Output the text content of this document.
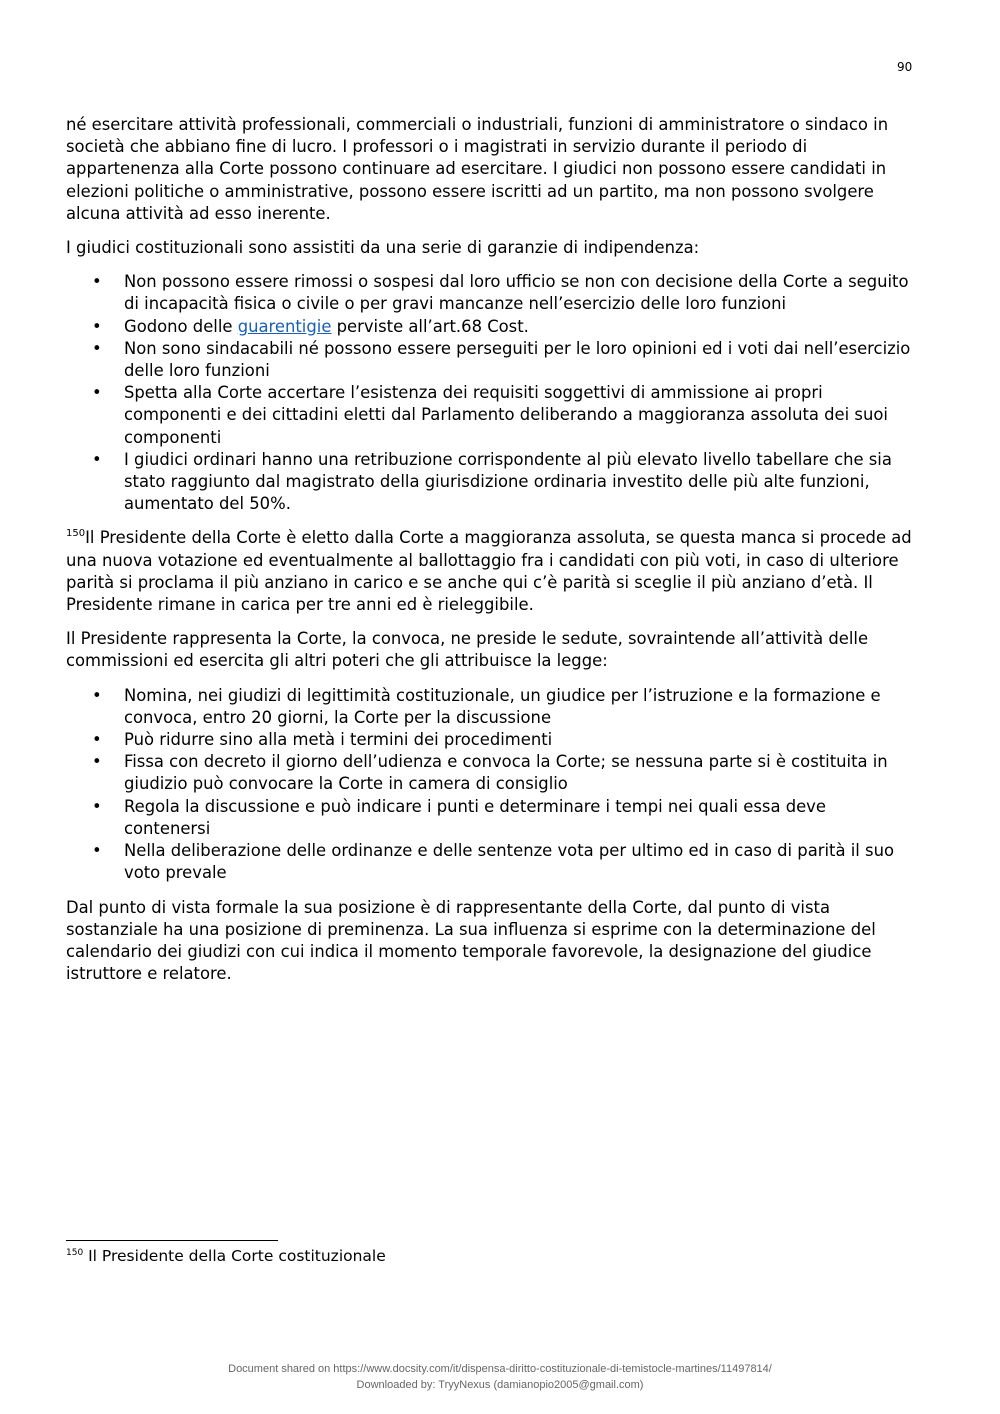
90

né esercitare attività professionali, commerciali o industriali, funzioni di amministratore o sindaco in società che abbiano fine di lucro. I professori o i magistrati in servizio durante il periodo di appartenenza alla Corte possono continuare ad esercitare. I giudici non possono essere candidati in elezioni politiche o amministrative, possono essere iscritti ad un partito, ma non possono svolgere alcuna attività ad esso inerente.

I giudici costituzionali sono assistiti da una serie di garanzie di indipendenza:

• Non possono essere rimossi o sospesi dal loro ufficio se non con decisione della Corte a seguito di incapacità fisica o civile o per gravi mancanze nell’esercizio delle loro funzioni
• Godono delle guarentigie perviste all’art.68 Cost.
• Non sono sindacabili né possono essere perseguiti per le loro opinioni ed i voti dai nell’esercizio delle loro funzioni
• Spetta alla Corte accertare l’esistenza dei requisiti soggettivi di ammissione ai propri componenti e dei cittadini eletti dal Parlamento deliberando a maggioranza assoluta dei suoi componenti
• I giudici ordinari hanno una retribuzione corrispondente al più elevato livello tabellare che sia stato raggiunto dal magistrato della giurisdizione ordinaria investito delle più alte funzioni, aumentato del 50%.

$^{150}$Il Presidente della Corte è eletto dalla Corte a maggioranza assoluta, se questa manca si procede ad una nuova votazione ed eventualmente al ballottaggio fra i candidati con più voti, in caso di ulteriore parità si proclama il più anziano in carico e se anche qui c’è parità si sceglie il più anziano d’età. Il Presidente rimane in carica per tre anni ed è rieleggibile.

Il Presidente rappresenta la Corte, la convoca, ne preside le sedute, sovraintende all’attività delle commissioni ed esercita gli altri poteri che gli attribuisce la legge:

• Nomina, nei giudizi di legittimità costituzionale, un giudice per l’istruzione e la formazione e convoca, entro 20 giorni, la Corte per la discussione
• Può ridurre sino alla metà i termini dei procedimenti
• Fissa con decreto il giorno dell’udienza e convoca la Corte; se nessuna parte si è costituita in giudizio può convocare la Corte in camera di consiglio
• Regola la discussione e può indicare i punti e determinare i tempi nei quali essa deve contenersi
• Nella deliberazione delle ordinanze e delle sentenze vota per ultimo ed in caso di parità il suo voto prevale

Dal punto di vista formale la sua posizione è di rappresentante della Corte, dal punto di vista sostanziale ha una posizione di preminenza. La sua influenza si esprime con la determinazione del calendario dei giudizi con cui indica il momento temporale favorevole, la designazione del giudice istruttore e relatore.

$^{150}$ Il Presidente della Corte costituzionale
Document shared on https://www.docsity.com/it/dispensa-diritto-costituzionale-di-temistocle-martines/11497814/
Downloaded by: TryyNexus (damianopio2005@gmail.com)
